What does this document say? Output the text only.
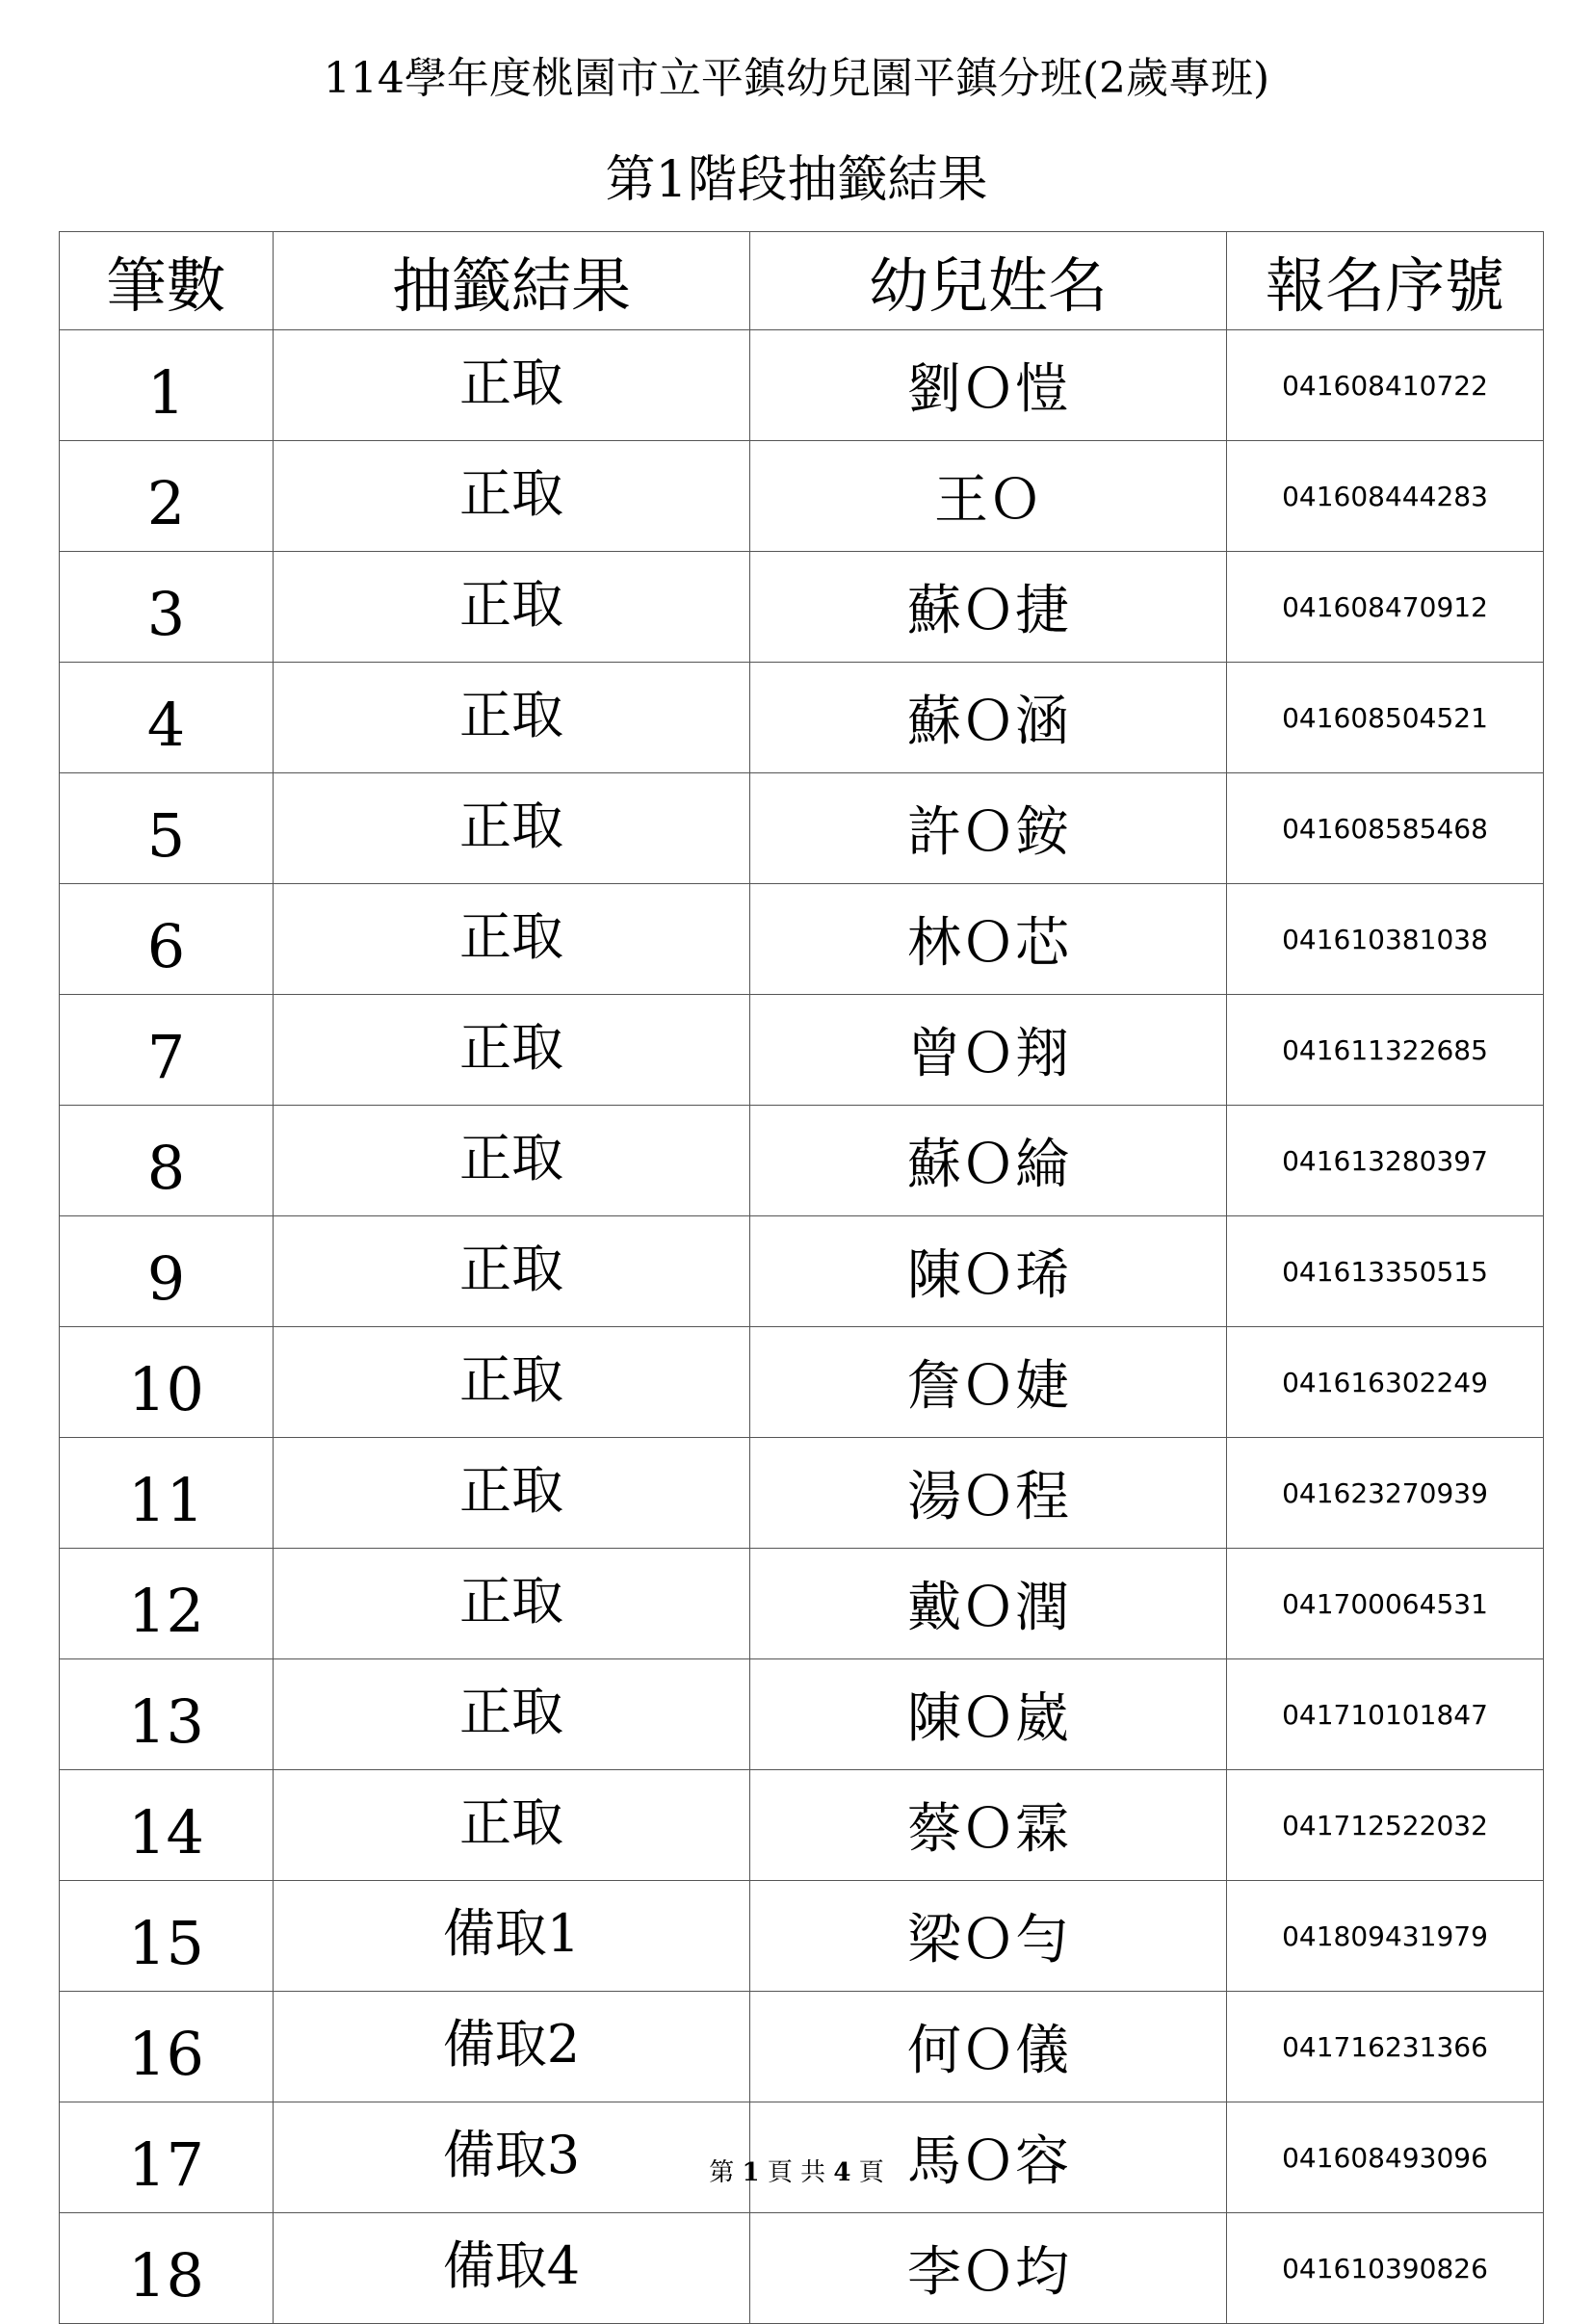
114學年度桃園市立平鎮幼兒園平鎮分班(2歲專班)
第1階段抽籤結果
筆數	抽籤結果	幼兒姓名	報名序號
1	正取	劉Ｏ愷	041608410722
2	正取	王Ｏ	041608444283
3	正取	蘇Ｏ捷	041608470912
4	正取	蘇Ｏ涵	041608504521
5	正取	許Ｏ銨	041608585468
6	正取	林Ｏ芯	041610381038
7	正取	曾Ｏ翔	041611322685
8	正取	蘇Ｏ綸	041613280397
9	正取	陳Ｏ琋	041613350515
10	正取	詹Ｏ婕	041616302249
11	正取	湯Ｏ程	041623270939
12	正取	戴Ｏ潤	041700064531
13	正取	陳Ｏ崴	041710101847
14	正取	蔡Ｏ霖	041712522032
15	備取1	梁Ｏ勻	041809431979
16	備取2	何Ｏ儀	041716231366
17	備取3	馬Ｏ容	041608493096
18	備取4	李Ｏ均	041610390826
第 1 頁 共 4 頁
